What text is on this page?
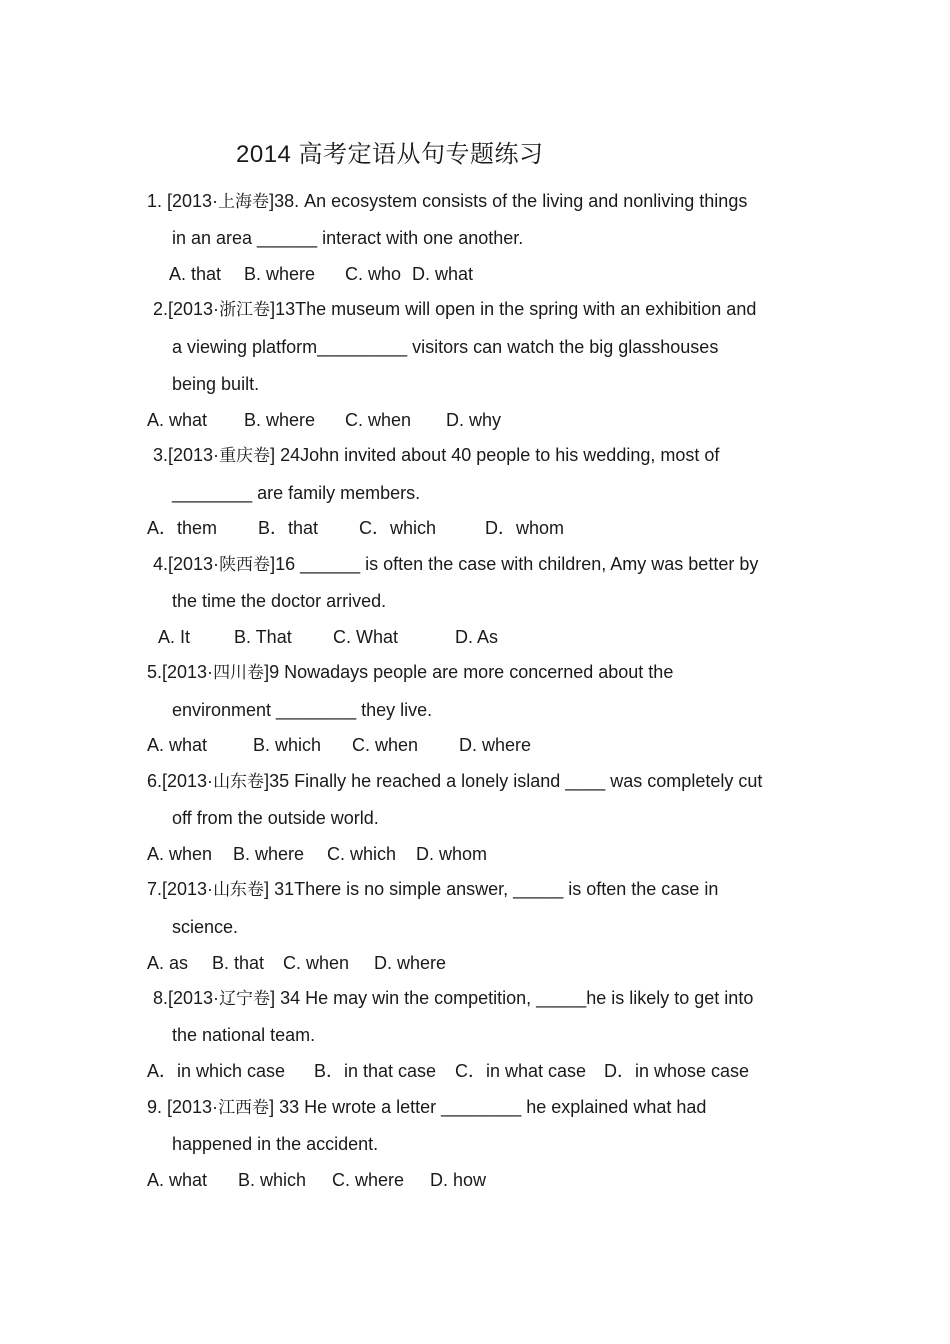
2014 高考定语从句专题练习
1. [2013·上海卷]38. An ecosystem consists of the living and nonliving things
in an area ______ interact with one another.
A. that B. where C. who D. what
2.[2013·浙江卷]13The museum will open in the spring with an exhibition and
a viewing platform_________ visitors can watch the big glasshouses
being built.
A. what B. where C. when D. why
3.[2013·重庆卷] 24John invited about 40 people to his wedding, most of
________ are family members.
A．them B．that C．which	D．whom
4.[2013·陕西卷]16 ______ is often the case with children, Amy was better by
the time the doctor arrived.
A. It B. That C. What	D. As
5.[2013·四川卷]9 Nowadays people are more concerned about the
environment ________ they live.
A. what	B. which C. when D. where
6.[2013·山东卷]35 Finally he reached a lonely island ____ was completely cut
off from the outside world.
A. when B. where C. which D. whom
7.[2013·山东卷] 31There is no simple answer, _____ is often the case in
science.
A. as B. that C. when D. where
8.[2013·辽宁卷] 34 He may win the competition, _____he is likely to get into
the national team.
A．in which case B．in that case C．in what case D．in whose case
9. [2013·江西卷] 33 He wrote a letter ________ he explained what had
happened in the accident.
A. what B. which C. where D. how
